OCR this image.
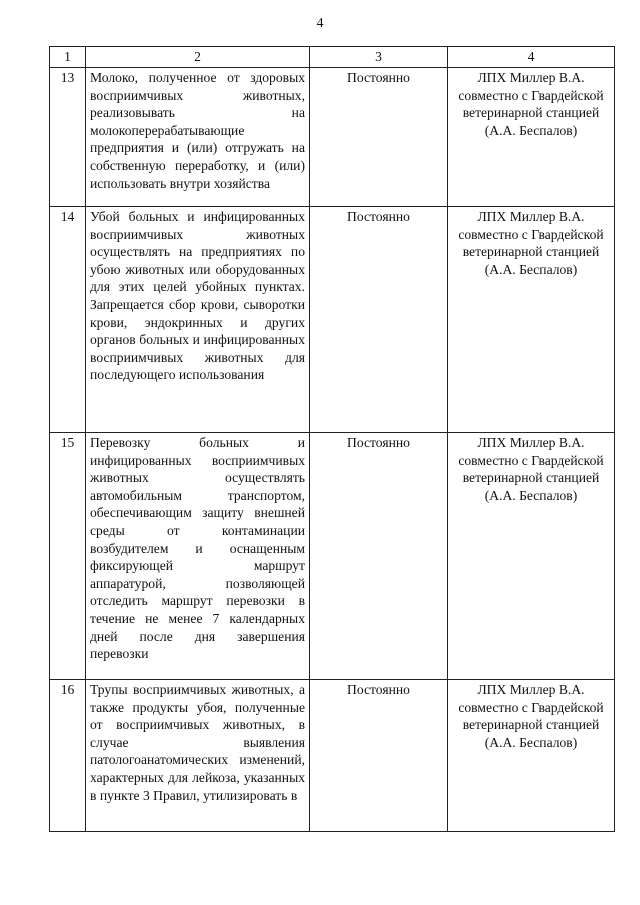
4
1	2	3	4
13	Молоко, полученное от здоровых восприимчивых животных, реализовывать на молокоперерабатывающие предприятия и (или) отгружать на собственную переработку, и (или) использовать внутри хозяйства	Постоянно	ЛПХ Миллер В.А. совместно с Гвардейской ветеринарной станцией (А.А. Беспалов)
14	Убой больных и инфицированных восприимчивых животных осуществлять на предприятиях по убою животных или оборудованных для этих целей убойных пунктах. Запрещается сбор крови, сыворотки крови, эндокринных и других органов больных и инфицированных восприимчивых животных для последующего использования	Постоянно	ЛПХ Миллер В.А. совместно с Гвардейской ветеринарной станцией (А.А. Беспалов)
15	Перевозку больных и инфицированных восприимчивых животных осуществлять автомобильным транспортом, обеспечивающим защиту внешней среды от контаминации возбудителем и оснащенным фиксирующей маршрут аппаратурой, позволяющей отследить маршрут перевозки в течение не менее 7 календарных дней после дня завершения перевозки	Постоянно	ЛПХ Миллер В.А. совместно с Гвардейской ветеринарной станцией (А.А. Беспалов)
16	Трупы восприимчивых животных, а также продукты убоя, полученные от восприимчивых животных, в случае выявления патологоанатомических изменений, характерных для лейкоза, указанных в пункте 3 Правил, утилизировать в	Постоянно	ЛПХ Миллер В.А. совместно с Гвардейской ветеринарной станцией (А.А. Беспалов)
